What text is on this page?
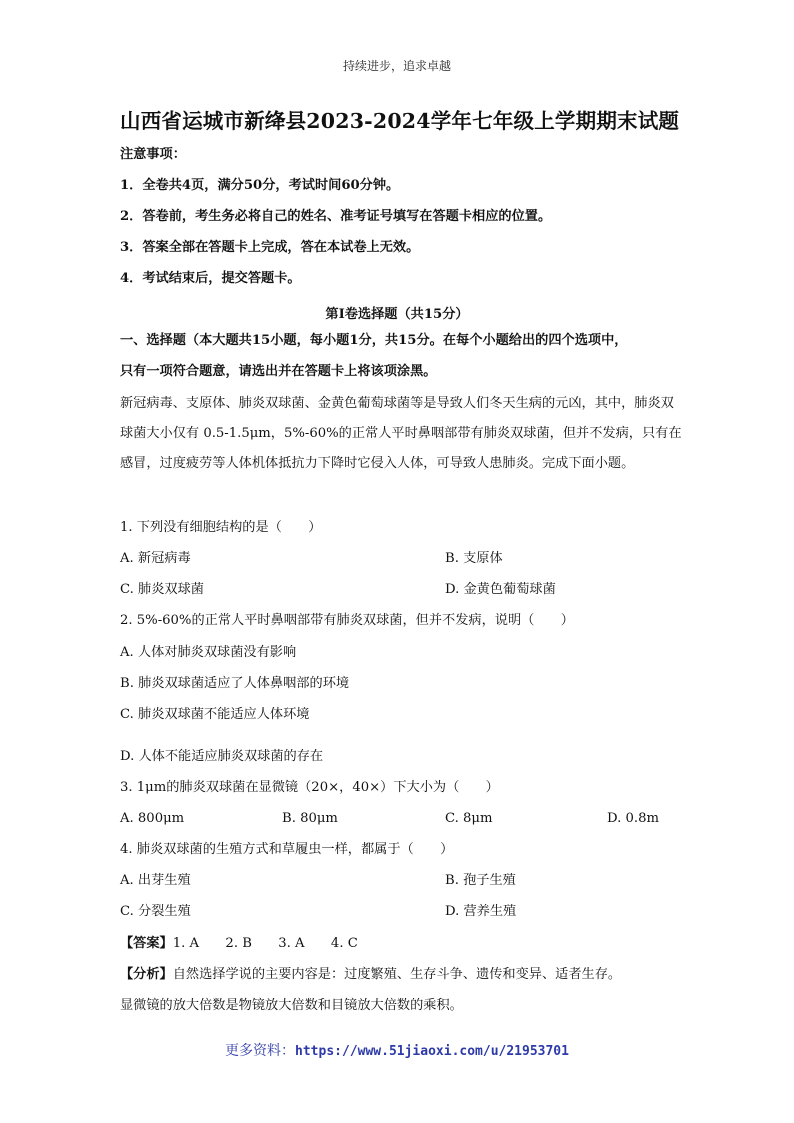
持续进步，追求卓越
山西省运城市新绛县2023-2024学年七年级上学期期末试题
注意事项：
1．全卷共4页，满分50分，考试时间60分钟。
2．答卷前，考生务必将自己的姓名、准考证号填写在答题卡相应的位置。
3．答案全部在答题卡上完成，答在本试卷上无效。
4．考试结束后，提交答题卡。
第Ⅰ卷选择题（共15分）
一、选择题（本大题共15小题，每小题1分，共15分。在每个小题给出的四个选项中，
只有一项符合题意，请选出并在答题卡上将该项涂黑。
新冠病毒、支原体、肺炎双球菌、金黄色葡萄球菌等是导致人们冬天生病的元凶，其中，肺炎双球菌大小仅有 0.5-1.5μm，5%-60%的正常人平时鼻咽部带有肺炎双球菌，但并不发病，只有在感冒，过度疲劳等人体机体抵抗力下降时它侵入人体，可导致人患肺炎。完成下面小题。
1. 下列没有细胞结构的是（　　）
A. 新冠病毒	B. 支原体
C. 肺炎双球菌	D. 金黄色葡萄球菌
2. 5%-60%的正常人平时鼻咽部带有肺炎双球菌，但并不发病，说明（　　）
A. 人体对肺炎双球菌没有影响
B. 肺炎双球菌适应了人体鼻咽部的环境
C. 肺炎双球菌不能适应人体环境
D. 人体不能适应肺炎双球菌的存在
3. 1μm的肺炎双球菌在显微镜（20×，40×）下大小为（　　）
A. 800μm	B. 80μm	C. 8μm	D. 0.8m
4. 肺炎双球菌的生殖方式和草履虫一样，都属于（　　）
A. 出芽生殖	B. 孢子生殖
C. 分裂生殖	D. 营养生殖
【答案】1. A　　2. B　　3. A　　4. C
【分析】自然选择学说的主要内容是：过度繁殖、生存斗争、遗传和变异、适者生存。
显微镜的放大倍数是物镜放大倍数和目镜放大倍数的乘积。
更多资料：https://www.51jiaoxi.com/u/21953701
